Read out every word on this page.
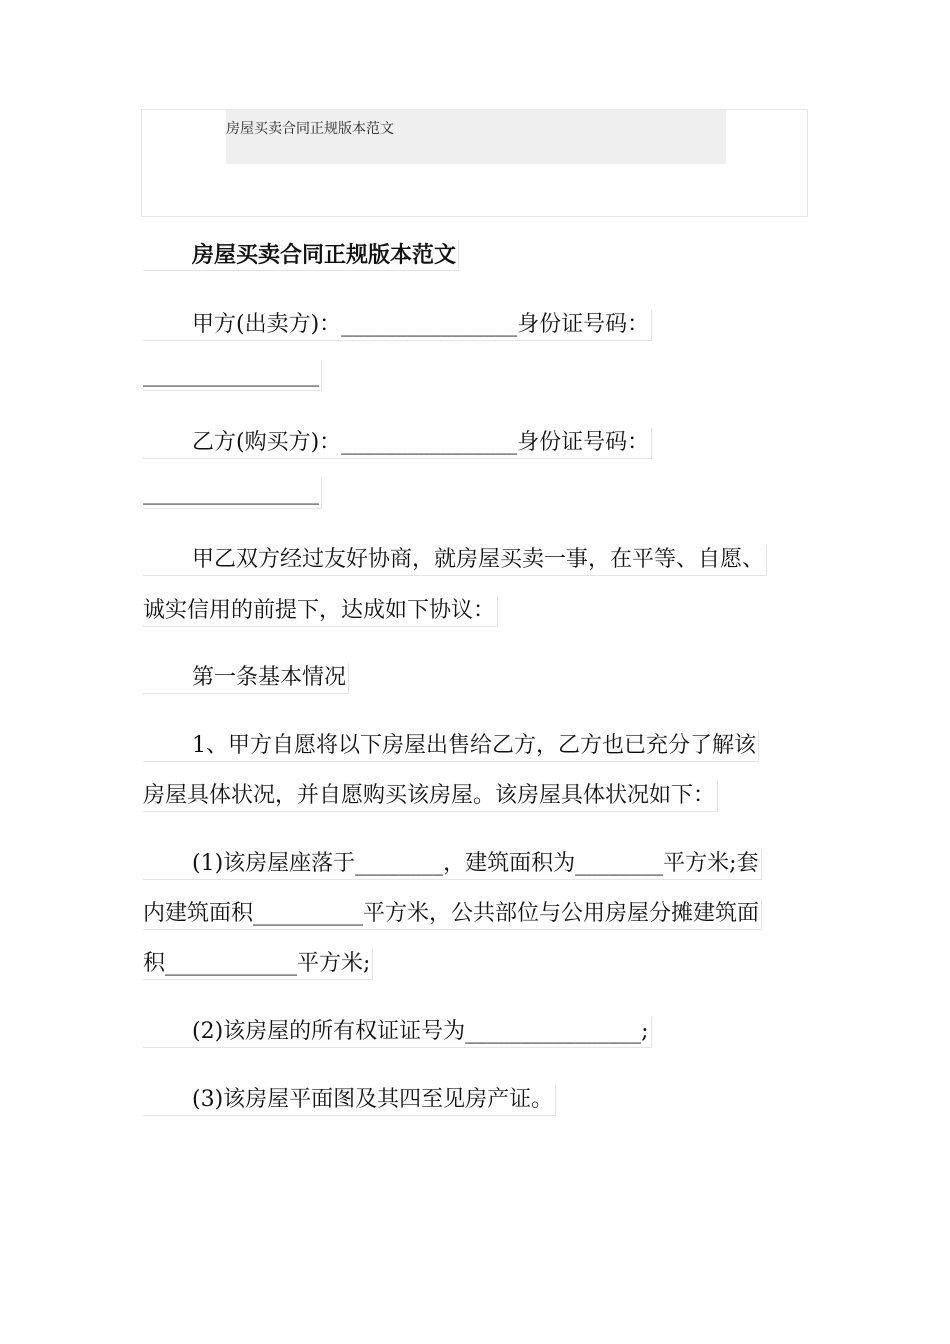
房屋买卖合同正规版本范文
房屋买卖合同正规版本范文
甲方(出卖方)：________________身份证号码：
________________
乙方(购买方)：________________身份证号码：
________________
甲乙双方经过友好协商，就房屋买卖一事，在平等、自愿、
诚实信用的前提下，达成如下协议：
第一条基本情况
1、甲方自愿将以下房屋出售给乙方，乙方也已充分了解该
房屋具体状况，并自愿购买该房屋。该房屋具体状况如下：
(1)该房屋座落于________，建筑面积为________平方米;套
内建筑面积__________平方米，公共部位与公用房屋分摊建筑面
积____________平方米;
(2)该房屋的所有权证证号为________________;
(3)该房屋平面图及其四至见房产证。
